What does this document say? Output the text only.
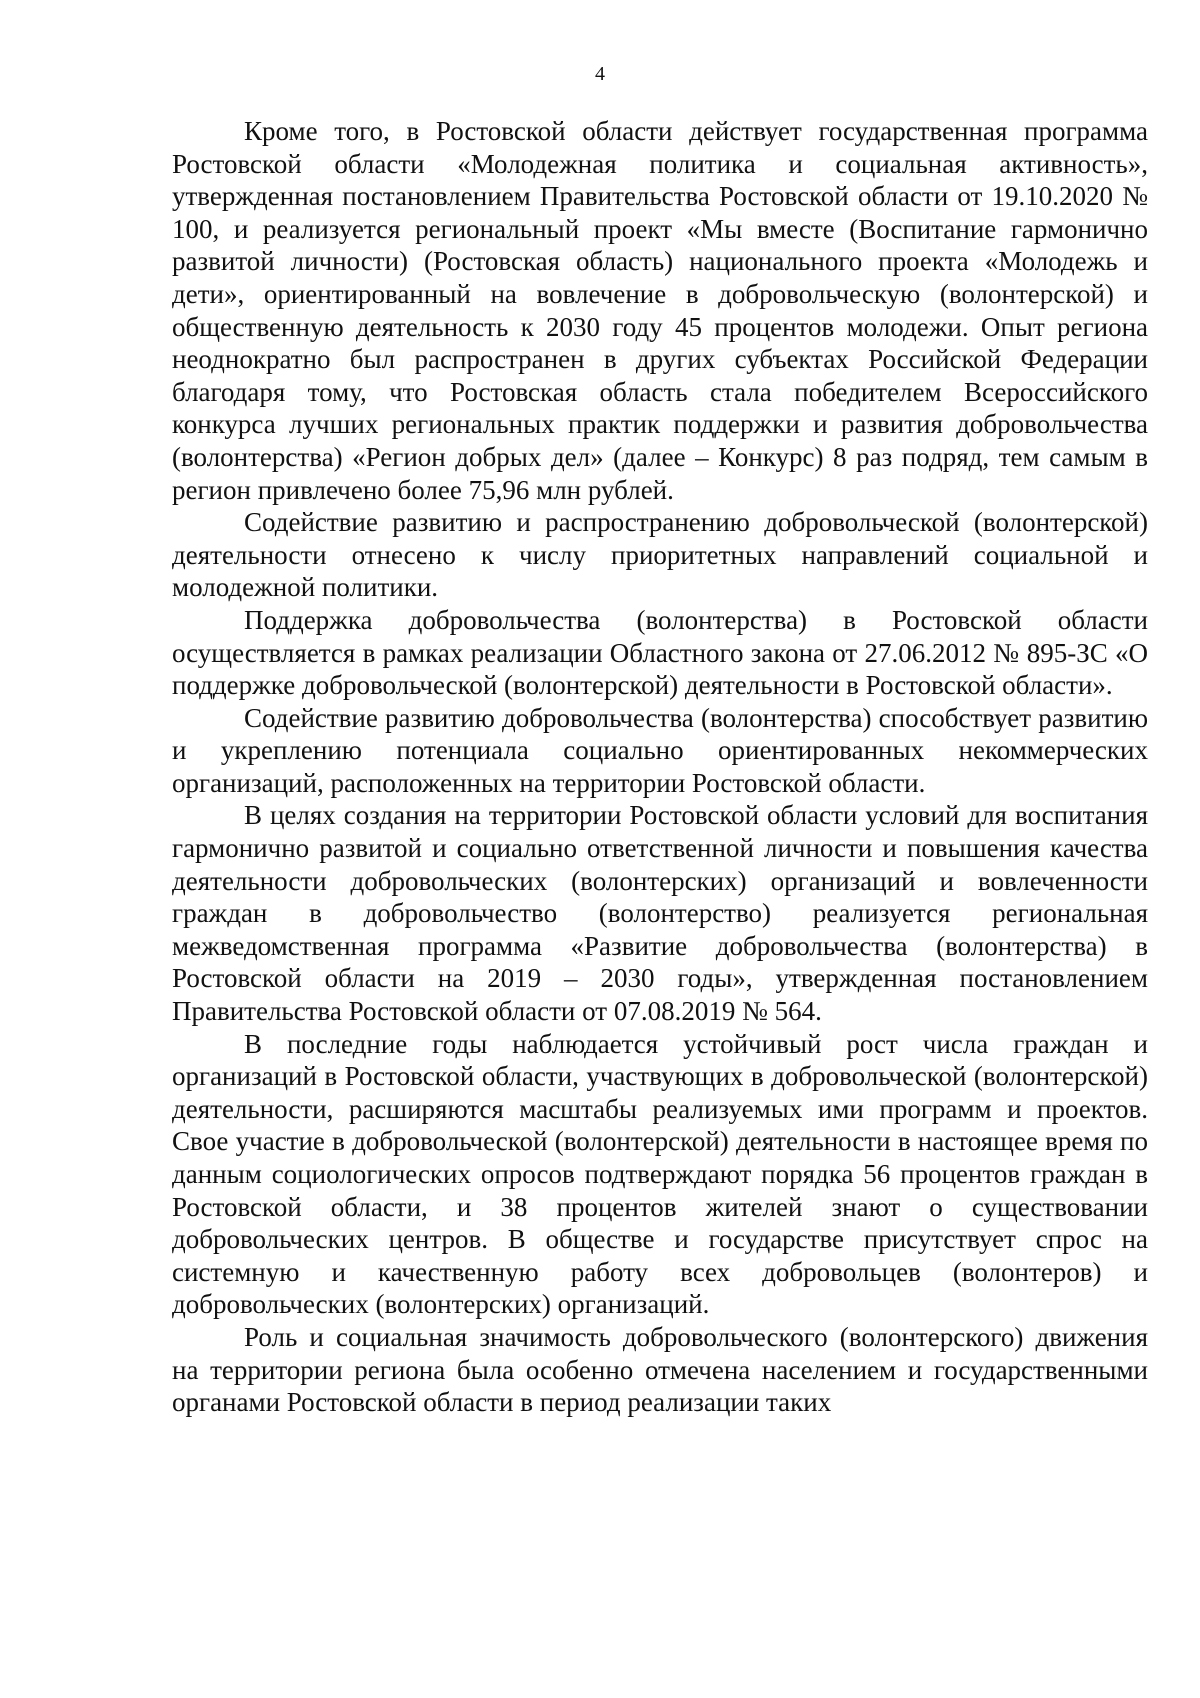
4

Кроме того, в Ростовской области действует государственная программа Ростовской области «Молодежная политика и социальная активность», утвержденная постановлением Правительства Ростовской области от 19.10.2020 № 100, и реализуется региональный проект «Мы вместе (Воспитание гармонично развитой личности) (Ростовская область) национального проекта «Молодежь и дети», ориентированный на вовлечение в добровольческую (волонтерской) и общественную деятельность к 2030 году 45 процентов молодежи. Опыт региона неоднократно был распространен в других субъектах Российской Федерации благодаря тому, что Ростовская область стала победителем Всероссийского конкурса лучших региональных практик поддержки и развития добровольчества (волонтерства) «Регион добрых дел» (далее – Конкурс) 8 раз подряд, тем самым в регион привлечено более 75,96 млн рублей.

Содействие развитию и распространению добровольческой (волонтерской) деятельности отнесено к числу приоритетных направлений социальной и молодежной политики.

Поддержка добровольчества (волонтерства) в Ростовской области осуществляется в рамках реализации Областного закона от 27.06.2012 № 895-ЗС «О поддержке добровольческой (волонтерской) деятельности в Ростовской области».

Содействие развитию добровольчества (волонтерства) способствует развитию и укреплению потенциала социально ориентированных некоммерческих организаций, расположенных на территории Ростовской области.

В целях создания на территории Ростовской области условий для воспитания гармонично развитой и социально ответственной личности и повышения качества деятельности добровольческих (волонтерских) организаций и вовлеченности граждан в добровольчество (волонтерство) реализуется региональная межведомственная программа «Развитие добровольчества (волонтерства) в Ростовской области на 2019 – 2030 годы», утвержденная постановлением Правительства Ростовской области от 07.08.2019 № 564.

В последние годы наблюдается устойчивый рост числа граждан и организаций в Ростовской области, участвующих в добровольческой (волонтерской) деятельности, расширяются масштабы реализуемых ими программ и проектов. Свое участие в добровольческой (волонтерской) деятельности в настоящее время по данным социологических опросов подтверждают порядка 56 процентов граждан в Ростовской области, и 38 процентов жителей знают о существовании добровольческих центров. В обществе и государстве присутствует спрос на системную и качественную работу всех добровольцев (волонтеров) и добровольческих (волонтерских) организаций.

Роль и социальная значимость добровольческого (волонтерского) движения на территории региона была особенно отмечена населением и государственными органами Ростовской области в период реализации таких
